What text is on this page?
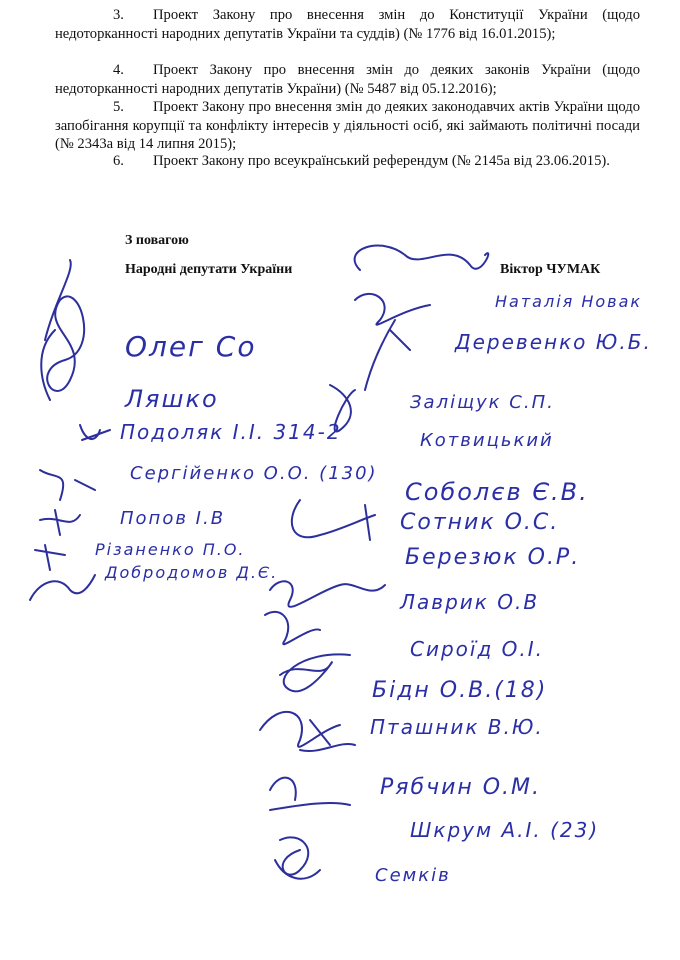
3. Проект Закону про внесення змін до Конституції України (щодо недоторканності народних депутатів України та суддів) (№ 1776 від 16.01.2015);
4. Проект Закону про внесення змін до деяких законів України (щодо недоторканності народних депутатів України) (№ 5487 від 05.12.2016);
5. Проект Закону про внесення змін до деяких законодавчих актів України щодо запобігання корупції та конфлікту інтересів у діяльності осіб, які займають політичні посади (№ 2343а від 14 липня 2015);
6. Проект Закону про всеукраїнський референдум (№ 2145а від 23.06.2015).
З повагою
Народні депутати України	Віктор ЧУМАК
Наталія Новак
Олег Со	Деревенко Ю.Б.
Ляшко	Заліщук С.П.
Подоляк І.І. 314-2	Котвицький
Сергійенко О.О. (130)
Соболєв Є.В.
Попов І.В	Сотник О.С.
Різаненко П.О.
Добродомов Д.Є.
Березюк О.Р.
Лаврик О.В
Сироїд О.І.
Бідн О.В.(18)
Пташник В.Ю.
Рябчин О.М.
Шкрум А.І. (23)
Семків
